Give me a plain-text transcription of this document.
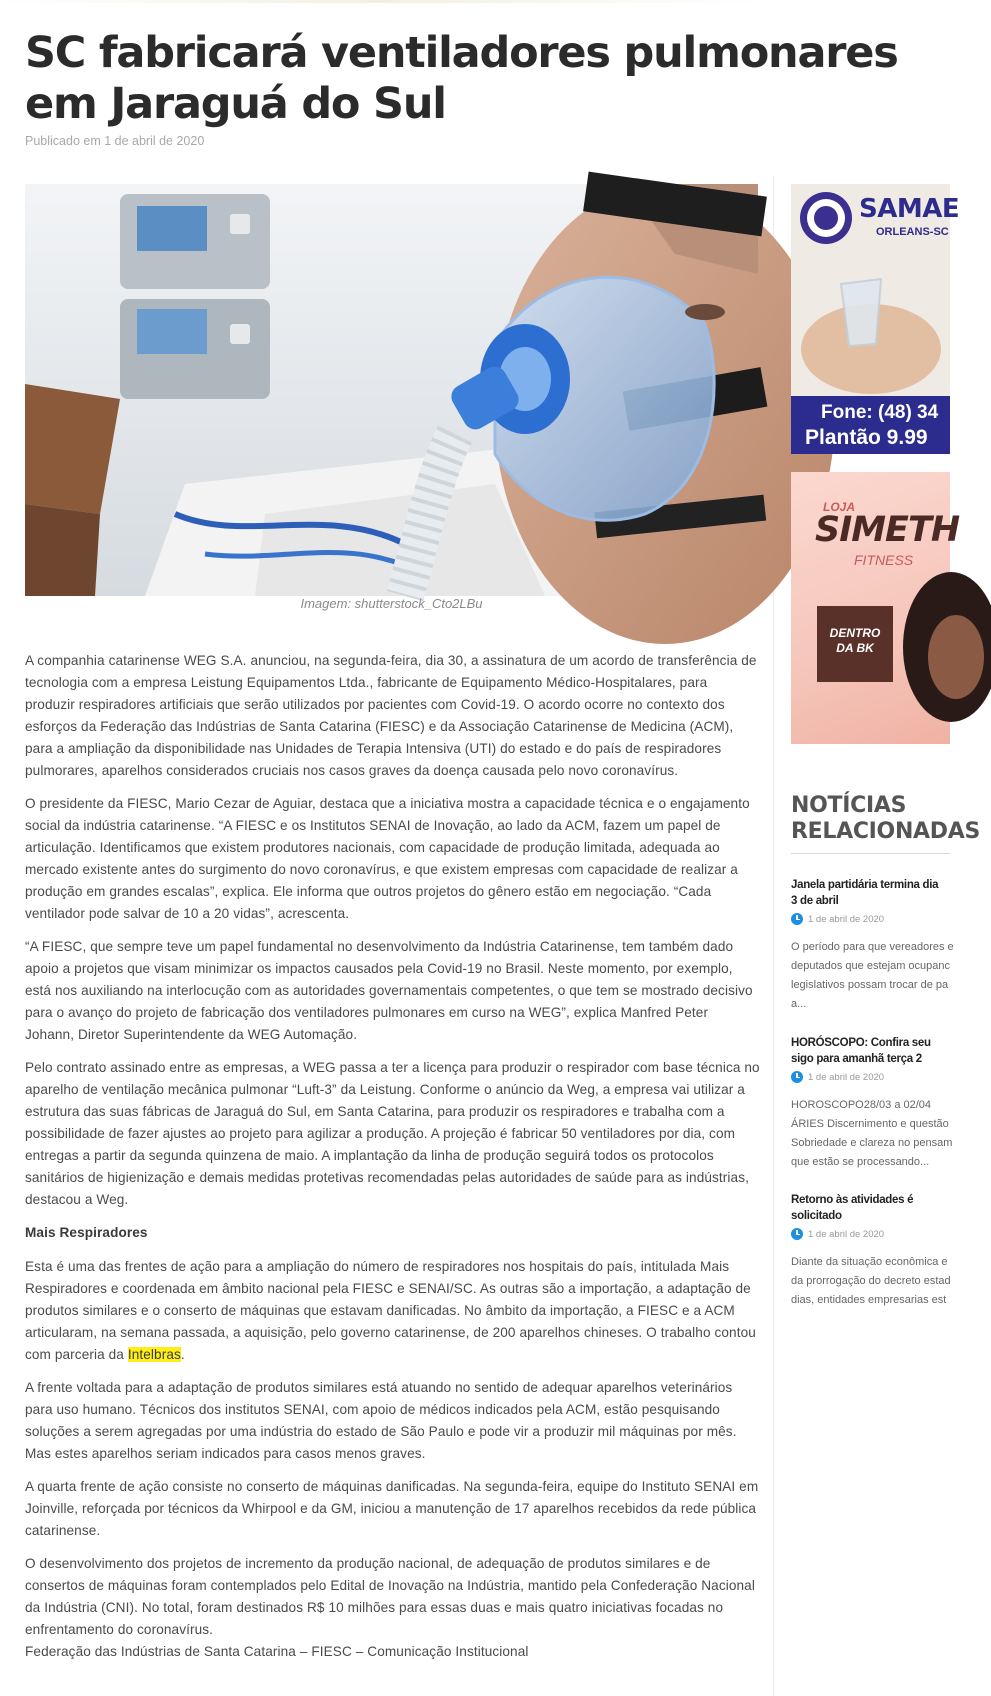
SC fabricará ventiladores pulmonares em Jaraguá do Sul
Publicado em 1 de abril de 2020
Imagem: shutterstock_Cto2LBu

A companhia catarinense WEG S.A. anunciou, na segunda-feira, dia 30, a assinatura de um acordo de transferência de tecnologia com a empresa Leistung Equipamentos Ltda., fabricante de Equipamento Médico-Hospitalares, para produzir respiradores artificiais que serão utilizados por pacientes com Covid-19. O acordo ocorre no contexto dos esforços da Federação das Indústrias de Santa Catarina (FIESC) e da Associação Catarinense de Medicina (ACM), para a ampliação da disponibilidade nas Unidades de Terapia Intensiva (UTI) do estado e do país de respiradores pulmorares, aparelhos considerados cruciais nos casos graves da doença causada pelo novo coronavírus.

O presidente da FIESC, Mario Cezar de Aguiar, destaca que a iniciativa mostra a capacidade técnica e o engajamento social da indústria catarinense. “A FIESC e os Institutos SENAI de Inovação, ao lado da ACM, fazem um papel de articulação. Identificamos que existem produtores nacionais, com capacidade de produção limitada, adequada ao mercado existente antes do surgimento do novo coronavírus, e que existem empresas com capacidade de realizar a produção em grandes escalas”, explica. Ele informa que outros projetos do gênero estão em negociação. “Cada ventilador pode salvar de 10 a 20 vidas”, acrescenta.

“A FIESC, que sempre teve um papel fundamental no desenvolvimento da Indústria Catarinense, tem também dado apoio a projetos que visam minimizar os impactos causados pela Covid-19 no Brasil. Neste momento, por exemplo, está nos auxiliando na interlocução com as autoridades governamentais competentes, o que tem se mostrado decisivo para o avanço do projeto de fabricação dos ventiladores pulmonares em curso na WEG”, explica Manfred Peter Johann, Diretor Superintendente da WEG Automação.

Pelo contrato assinado entre as empresas, a WEG passa a ter a licença para produzir o respirador com base técnica no aparelho de ventilação mecânica pulmonar “Luft-3” da Leistung. Conforme o anúncio da Weg, a empresa vai utilizar a estrutura das suas fábricas de Jaraguá do Sul, em Santa Catarina, para produzir os respiradores e trabalha com a possibilidade de fazer ajustes ao projeto para agilizar a produção. A projeção é fabricar 50 ventiladores por dia, com entregas a partir da segunda quinzena de maio. A implantação da linha de produção seguirá todos os protocolos sanitários de higienização e demais medidas protetivas recomendadas pelas autoridades de saúde para as indústrias, destacou a Weg.

Mais Respiradores

Esta é uma das frentes de ação para a ampliação do número de respiradores nos hospitais do país, intitulada Mais Respiradores e coordenada em âmbito nacional pela FIESC e SENAI/SC. As outras são a importação, a adaptação de produtos similares e o conserto de máquinas que estavam danificadas. No âmbito da importação, a FIESC e a ACM articularam, na semana passada, a aquisição, pelo governo catarinense, de 200 aparelhos chineses. O trabalho contou com parceria da Intelbras.

A frente voltada para a adaptação de produtos similares está atuando no sentido de adequar aparelhos veterinários para uso humano. Técnicos dos institutos SENAI, com apoio de médicos indicados pela ACM, estão pesquisando soluções a serem agregadas por uma indústria do estado de São Paulo e pode vir a produzir mil máquinas por mês. Mas estes aparelhos seriam indicados para casos menos graves.

A quarta frente de ação consiste no conserto de máquinas danificadas. Na segunda-feira, equipe do Instituto SENAI em Joinville, reforçada por técnicos da Whirpool e da GM, iniciou a manutenção de 17 aparelhos recebidos da rede pública catarinense.

O desenvolvimento dos projetos de incremento da produção nacional, de adequação de produtos similares e de consertos de máquinas foram contemplados pelo Edital de Inovação na Indústria, mantido pela Confederação Nacional da Indústria (CNI). No total, foram destinados R$ 10 milhões para essas duas e mais quatro iniciativas focadas no enfrentamento do coronavírus.

Federação das Indústrias de Santa Catarina – FIESC – Comunicação Institucional

SAMAE
ORLEANS-SC
Fone: (48) 34
Plantão 9.99
LOJA
SIMETH
FITNESS
DENTRO DA BK
NOTÍCIAS RELACIONADAS
Janela partidária termina dia 3 de abril
1 de abril de 2020
O período para que vereadores e
deputados que estejam ocupanc
legislativos possam trocar de pa
a...
HORÓSCOPO: Confira seu sigo para amanhã terça 2
1 de abril de 2020
HOROSCOPO28/03 a 02/04
ÁRIES Discernimento e questão
Sobriedade e clareza no pensam
que estão se processando...
Retorno às atividades é solicitado
1 de abril de 2020
Diante da situação econômica e
da prorrogação do decreto estad
dias, entidades empresarias est
